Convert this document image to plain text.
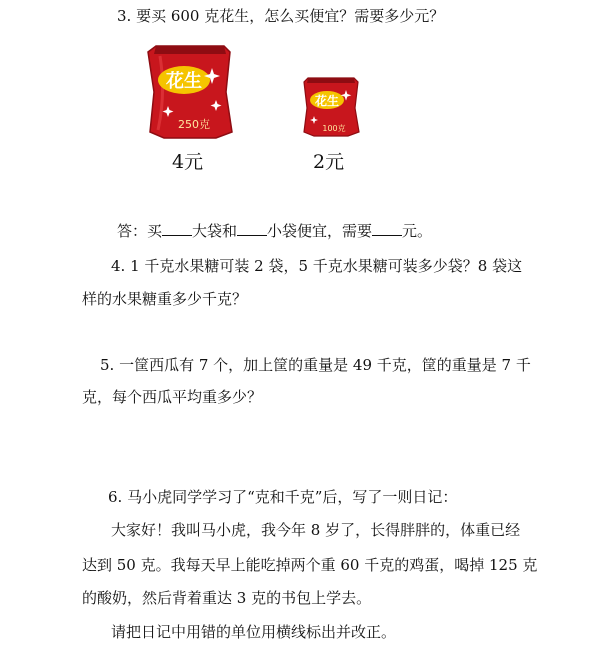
3. 要买 600 克花生，怎么买便宜？需要多少元？
花生
250克
4元
花生
100克
2元
答：买 大袋和 小袋便宜，需要 元。
4. 1 千克水果糖可装 2 袋，5 千克水果糖可装多少袋？8 袋这
样的水果糖重多少千克？
5. 一筐西瓜有 7 个，加上筐的重量是 49 千克，筐的重量是 7 千
克，每个西瓜平均重多少？
6. 马小虎同学学习了“克和千克”后，写了一则日记：
大家好！我叫马小虎，我今年 8 岁了，长得胖胖的，体重已经
达到 50 克。我每天早上能吃掉两个重 60 千克的鸡蛋，喝掉 125 克
的酸奶，然后背着重达 3 克的书包上学去。
请把日记中用错的单位用横线标出并改正。
